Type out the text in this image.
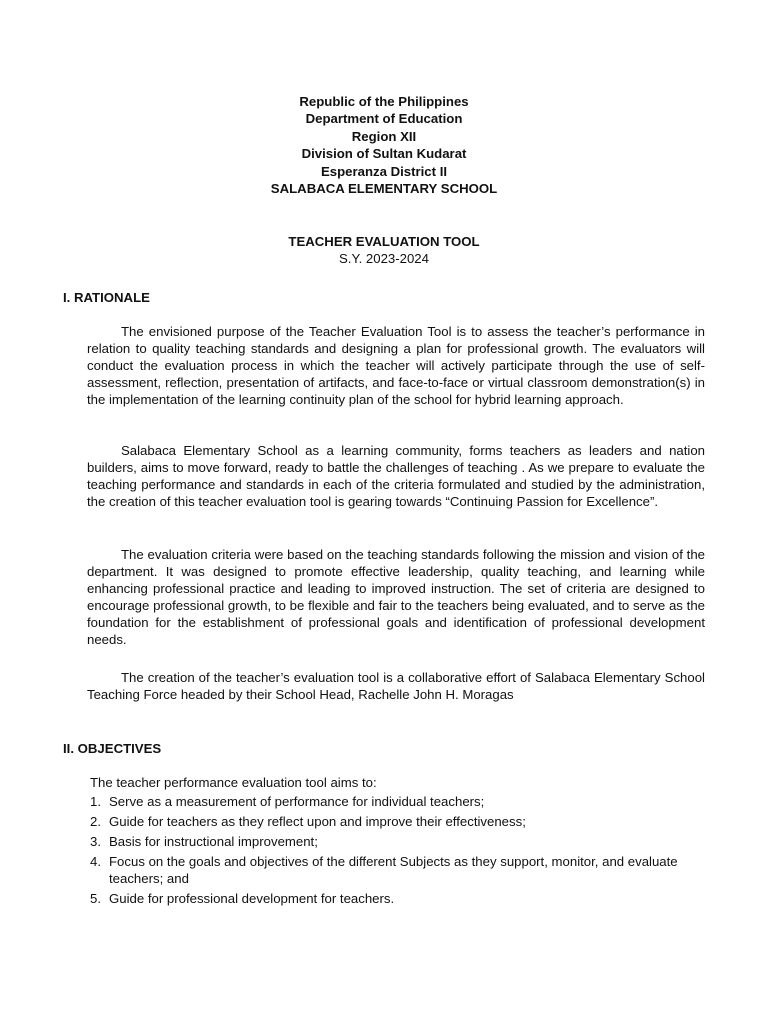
Republic of the Philippines
Department of Education
Region XII
Division of Sultan Kudarat
Esperanza District II
SALABACA ELEMENTARY SCHOOL
TEACHER EVALUATION TOOL
S.Y. 2023-2024
I. RATIONALE

The envisioned purpose of the Teacher Evaluation Tool is to assess the teacher’s performance in relation to quality teaching standards and designing a plan for professional growth. The evaluators will conduct the evaluation process in which the teacher will actively participate through the use of self-assessment, reflection, presentation of artifacts, and face-to-face or virtual classroom demonstration(s) in the implementation of the learning continuity plan of the school for hybrid learning approach.

Salabaca Elementary School as a learning community, forms teachers as leaders and nation builders, aims to move forward, ready to battle the challenges of teaching . As we prepare to evaluate the teaching performance and standards in each of the criteria formulated and studied by the administration, the creation of this teacher evaluation tool is gearing towards “Continuing Passion for Excellence”.

The evaluation criteria were based on the teaching standards following the mission and vision of the department. It was designed to promote effective leadership, quality teaching, and learning while enhancing professional practice and leading to improved instruction. The set of criteria are designed to encourage professional growth, to be flexible and fair to the teachers being evaluated, and to serve as the foundation for the establishment of professional goals and identification of professional development needs.

The creation of the teacher’s evaluation tool is a collaborative effort of Salabaca Elementary School Teaching Force headed by their School Head, Rachelle John H. Moragas

II. OBJECTIVES

The teacher performance evaluation tool aims to:

1. Serve as a measurement of performance for individual teachers;
2. Guide for teachers as they reflect upon and improve their effectiveness;
3. Basis for instructional improvement;
4. Focus on the goals and objectives of the different Subjects as they support, monitor, and evaluate teachers; and
5. Guide for professional development for teachers.
